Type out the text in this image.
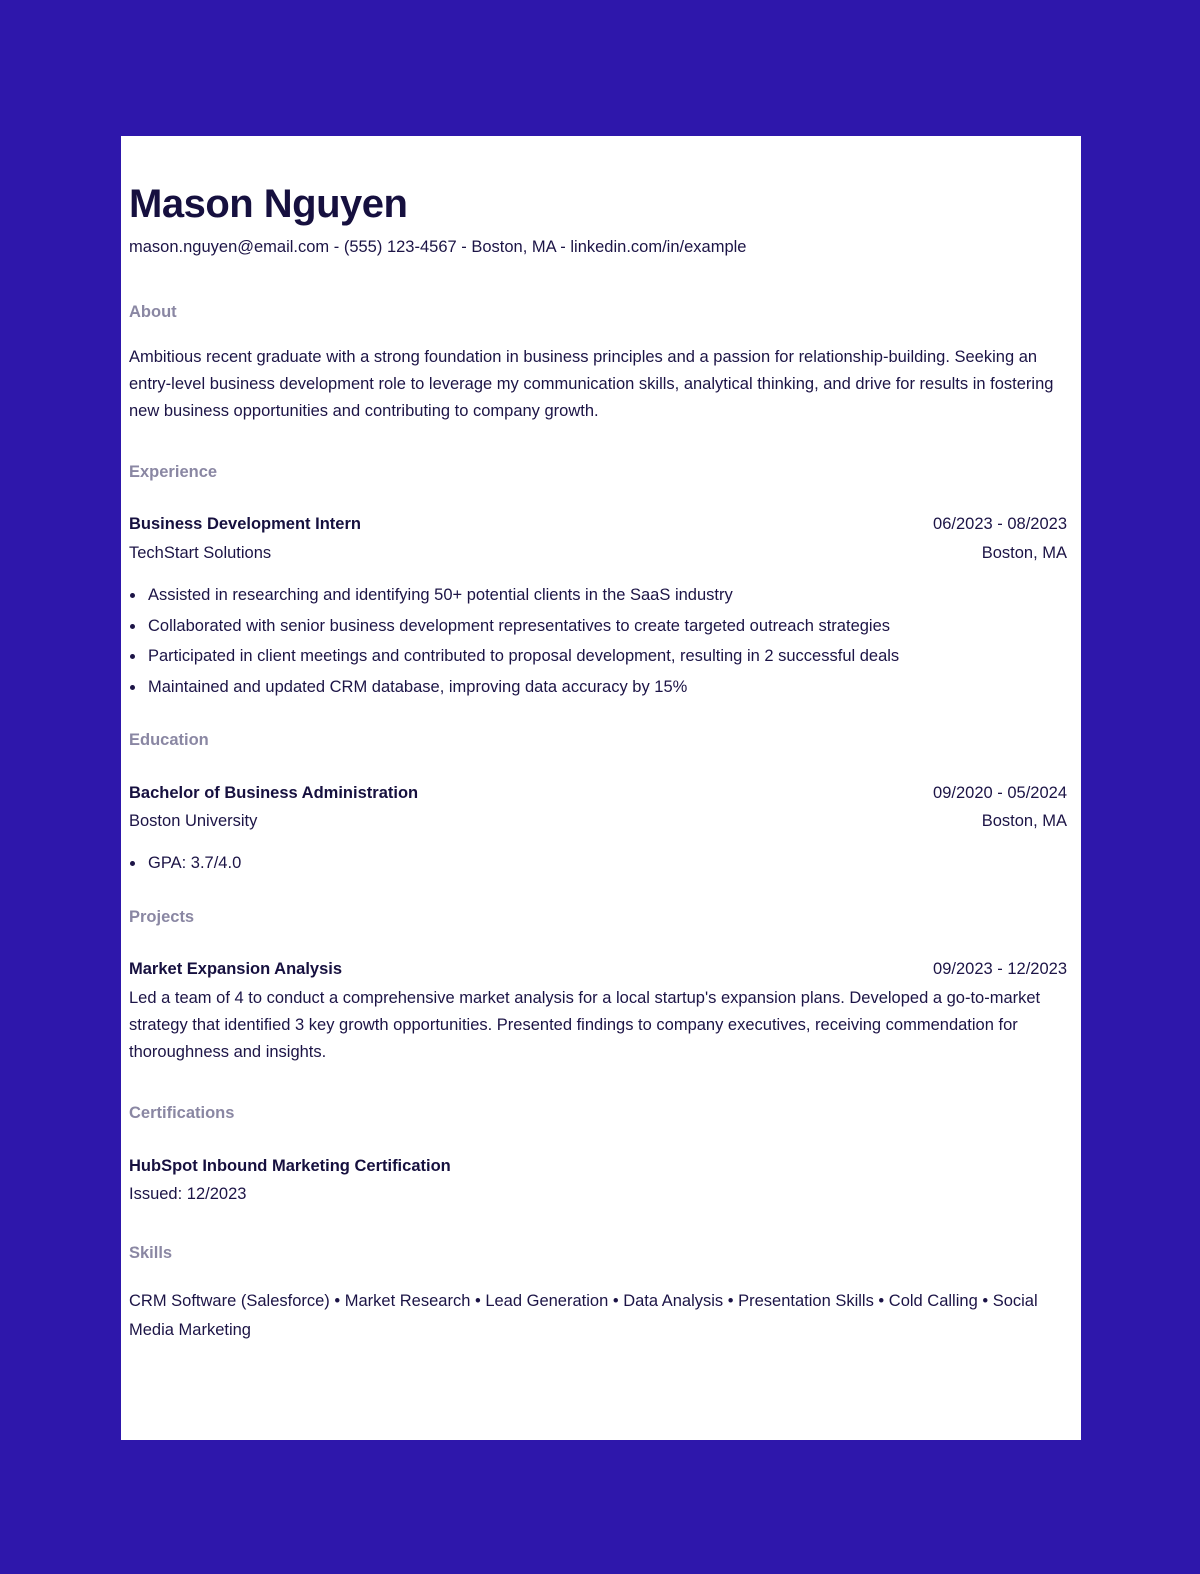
Mason Nguyen
mason.nguyen@email.com - (555) 123-4567 - Boston, MA - linkedin.com/in/example
About

Ambitious recent graduate with a strong foundation in business principles and a passion for relationship-building. Seeking an entry-level business development role to leverage my communication skills, analytical thinking, and drive for results in fostering new business opportunities and contributing to company growth.

Experience
Business Development Intern	06/2023 - 08/2023
TechStart Solutions	Boston, MA
Assisted in researching and identifying 50+ potential clients in the SaaS industry
Collaborated with senior business development representatives to create targeted outreach strategies
Participated in client meetings and contributed to proposal development, resulting in 2 successful deals
Maintained and updated CRM database, improving data accuracy by 15%
Education
Bachelor of Business Administration	09/2020 - 05/2024
Boston University	Boston, MA
GPA: 3.7/4.0
Projects
Market Expansion Analysis	09/2023 - 12/2023

Led a team of 4 to conduct a comprehensive market analysis for a local startup's expansion plans. Developed a go-to-market strategy that identified 3 key growth opportunities. Presented findings to company executives, receiving commendation for thoroughness and insights.

Certifications
HubSpot Inbound Marketing Certification
Issued: 12/2023
Skills

CRM Software (Salesforce) • Market Research • Lead Generation • Data Analysis • Presentation Skills • Cold Calling • Social Media Marketing
